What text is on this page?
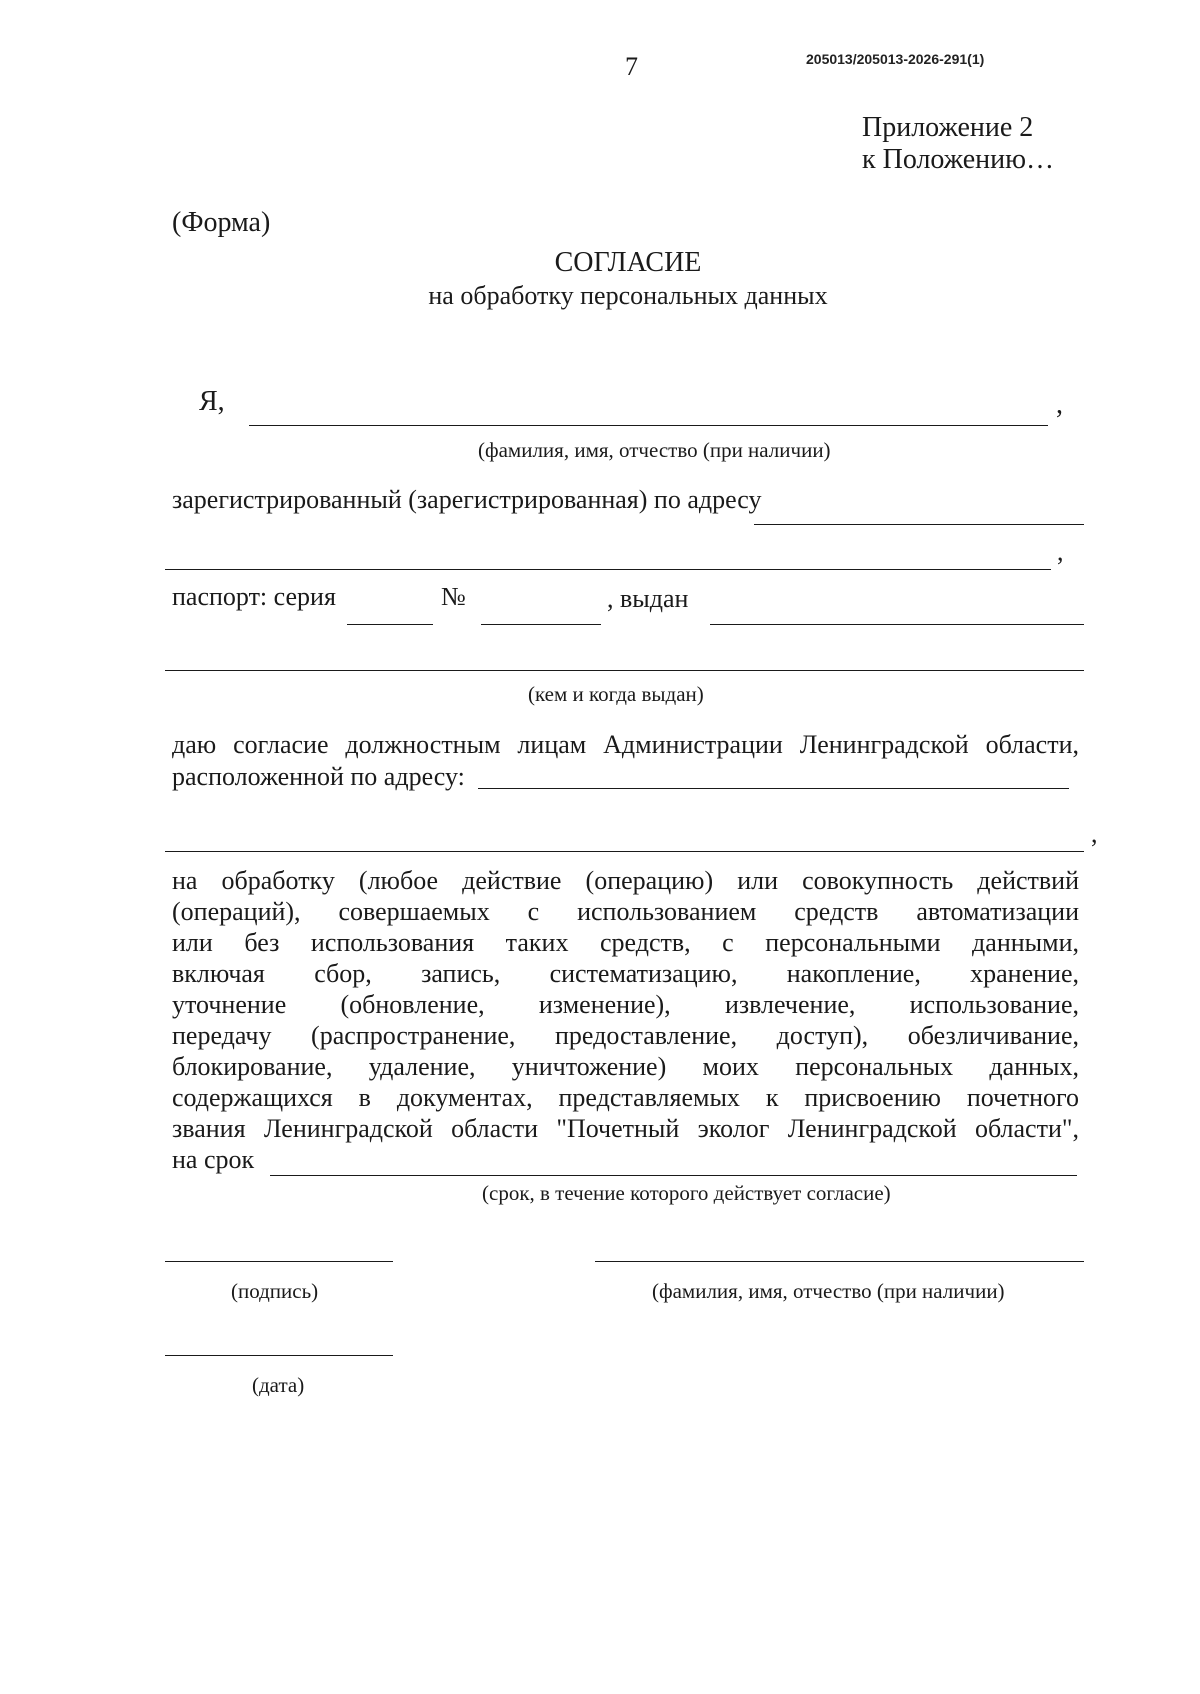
7	205013/205013-2026-291(1)
Приложение 2
к Положению…
(Форма)
СОГЛАСИЕ
на обработку персональных данных
Я,	,
(фамилия, имя, отчество (при наличии)
зарегистрированный (зарегистрированная) по адресу
,
паспорт: серия	№	, выдан
(кем и когда выдан)
даю согласие должностным лицам Администрации Ленинградской области,
расположенной по адресу:
,
на обработку (любое действие (операцию) или совокупность действий
(операций), совершаемых с использованием средств автоматизации
или без использования таких средств, с персональными данными,
включая сбор, запись, систематизацию, накопление, хранение,
уточнение (обновление, изменение), извлечение, использование,
передачу (распространение, предоставление, доступ), обезличивание,
блокирование, удаление, уничтожение) моих персональных данных,
содержащихся в документах, представляемых к присвоению почетного
звания Ленинградской области "Почетный эколог Ленинградской области",
на срок
(срок, в течение которого действует согласие)
(подпись)	(фамилия, имя, отчество (при наличии)
(дата)
